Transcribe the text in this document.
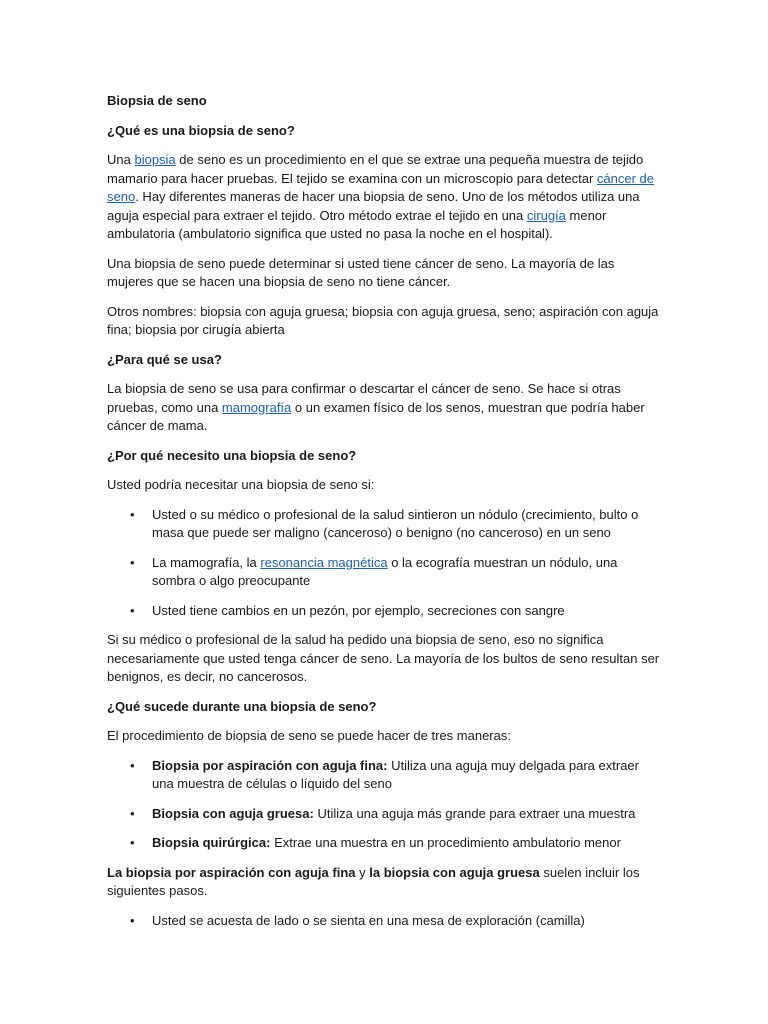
Biopsia de seno

¿Qué es una biopsia de seno?

Una biopsia de seno es un procedimiento en el que se extrae una pequeña muestra de tejido mamario para hacer pruebas. El tejido se examina con un microscopio para detectar cáncer de seno. Hay diferentes maneras de hacer una biopsia de seno. Uno de los métodos utiliza una aguja especial para extraer el tejido. Otro método extrae el tejido en una cirugía menor ambulatoria (ambulatorio significa que usted no pasa la noche en el hospital).

Una biopsia de seno puede determinar si usted tiene cáncer de seno. La mayoría de las mujeres que se hacen una biopsia de seno no tiene cáncer.

Otros nombres: biopsia con aguja gruesa; biopsia con aguja gruesa, seno; aspiración con aguja fina; biopsia por cirugía abierta

¿Para qué se usa?

La biopsia de seno se usa para confirmar o descartar el cáncer de seno. Se hace si otras pruebas, como una mamografía o un examen físico de los senos, muestran que podría haber cáncer de mama.

¿Por qué necesito una biopsia de seno?

Usted podría necesitar una biopsia de seno si:

• Usted o su médico o profesional de la salud sintieron un nódulo (crecimiento, bulto o masa que puede ser maligno (canceroso) o benigno (no canceroso) en un seno
• La mamografía, la resonancia magnética o la ecografía muestran un nódulo, una sombra o algo preocupante
• Usted tiene cambios en un pezón, por ejemplo, secreciones con sangre

Si su médico o profesional de la salud ha pedido una biopsia de seno, eso no significa necesariamente que usted tenga cáncer de seno. La mayoría de los bultos de seno resultan ser benignos, es decir, no cancerosos.

¿Qué sucede durante una biopsia de seno?

El procedimiento de biopsia de seno se puede hacer de tres maneras:

• Biopsia por aspiración con aguja fina: Utiliza una aguja muy delgada para extraer una muestra de células o líquido del seno
• Biopsia con aguja gruesa: Utiliza una aguja más grande para extraer una muestra
• Biopsia quirúrgica: Extrae una muestra en un procedimiento ambulatorio menor

La biopsia por aspiración con aguja fina y la biopsia con aguja gruesa suelen incluir los siguientes pasos.

• Usted se acuesta de lado o se sienta en una mesa de exploración (camilla)
